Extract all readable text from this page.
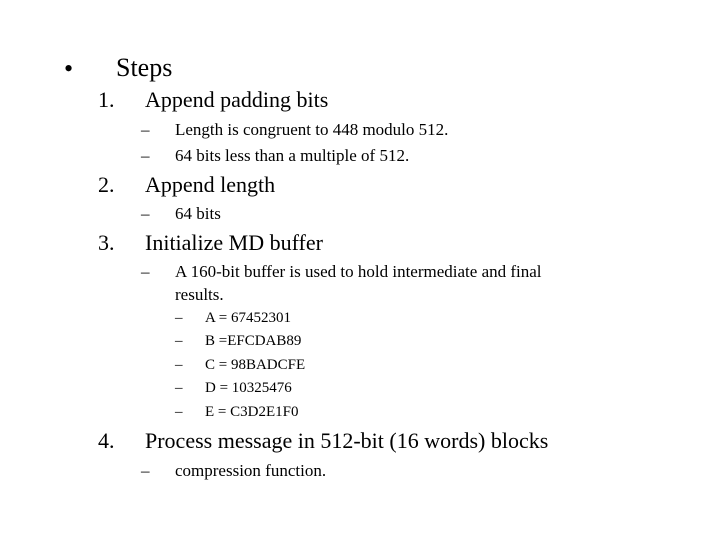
• Steps
1. Append padding bits
– Length is congruent to 448 modulo 512.
– 64 bits less than a multiple of 512.
2. Append length
– 64 bits
3. Initialize MD buffer
– A 160-bit buffer is used to hold intermediate and final
results.
– A = 67452301
– B =EFCDAB89
– C = 98BADCFE
– D = 10325476
– E = C3D2E1F0
4. Process message in 512-bit (16 words) blocks
– compression function.
